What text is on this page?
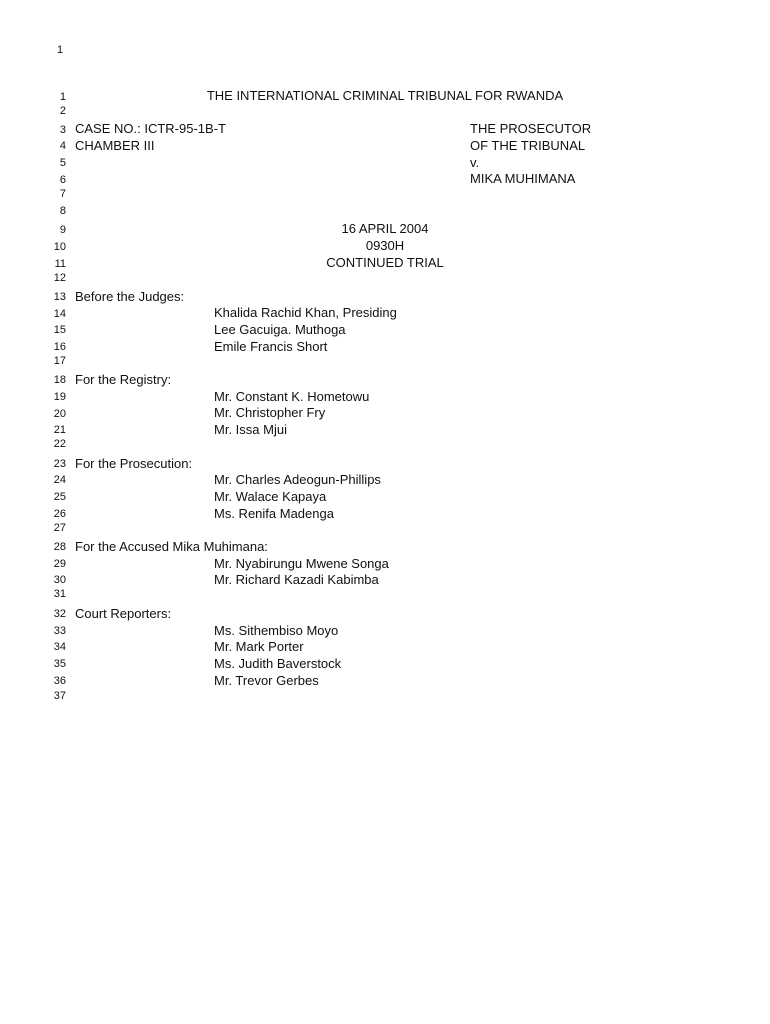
1
1
2
3
4
5
6
7
8
9
10
11
12
13
14
15
16
17
18
19
20
21
22
23
24
25
26
27
28
29
30
31
32
33
34
35
36
37
THE INTERNATIONAL CRIMINAL TRIBUNAL FOR RWANDA
CASE NO.: ICTR-95-1B-T
CHAMBER III
THE PROSECUTOR
OF THE TRIBUNAL
v.
MIKA MUHIMANA
16 APRIL 2004
0930H
CONTINUED TRIAL
Before the Judges:
Khalida Rachid Khan, Presiding
Lee Gacuiga. Muthoga
Emile Francis Short
For the Registry:
Mr. Constant K. Hometowu
Mr. Christopher Fry
Mr. Issa Mjui
For the Prosecution:
Mr. Charles Adeogun-Phillips
Mr. Walace Kapaya
Ms. Renifa Madenga
For the Accused Mika Muhimana:
Mr. Nyabirungu Mwene Songa
Mr. Richard Kazadi Kabimba
Court Reporters:
Ms. Sithembiso Moyo
Mr. Mark Porter
Ms. Judith Baverstock
Mr. Trevor Gerbes
